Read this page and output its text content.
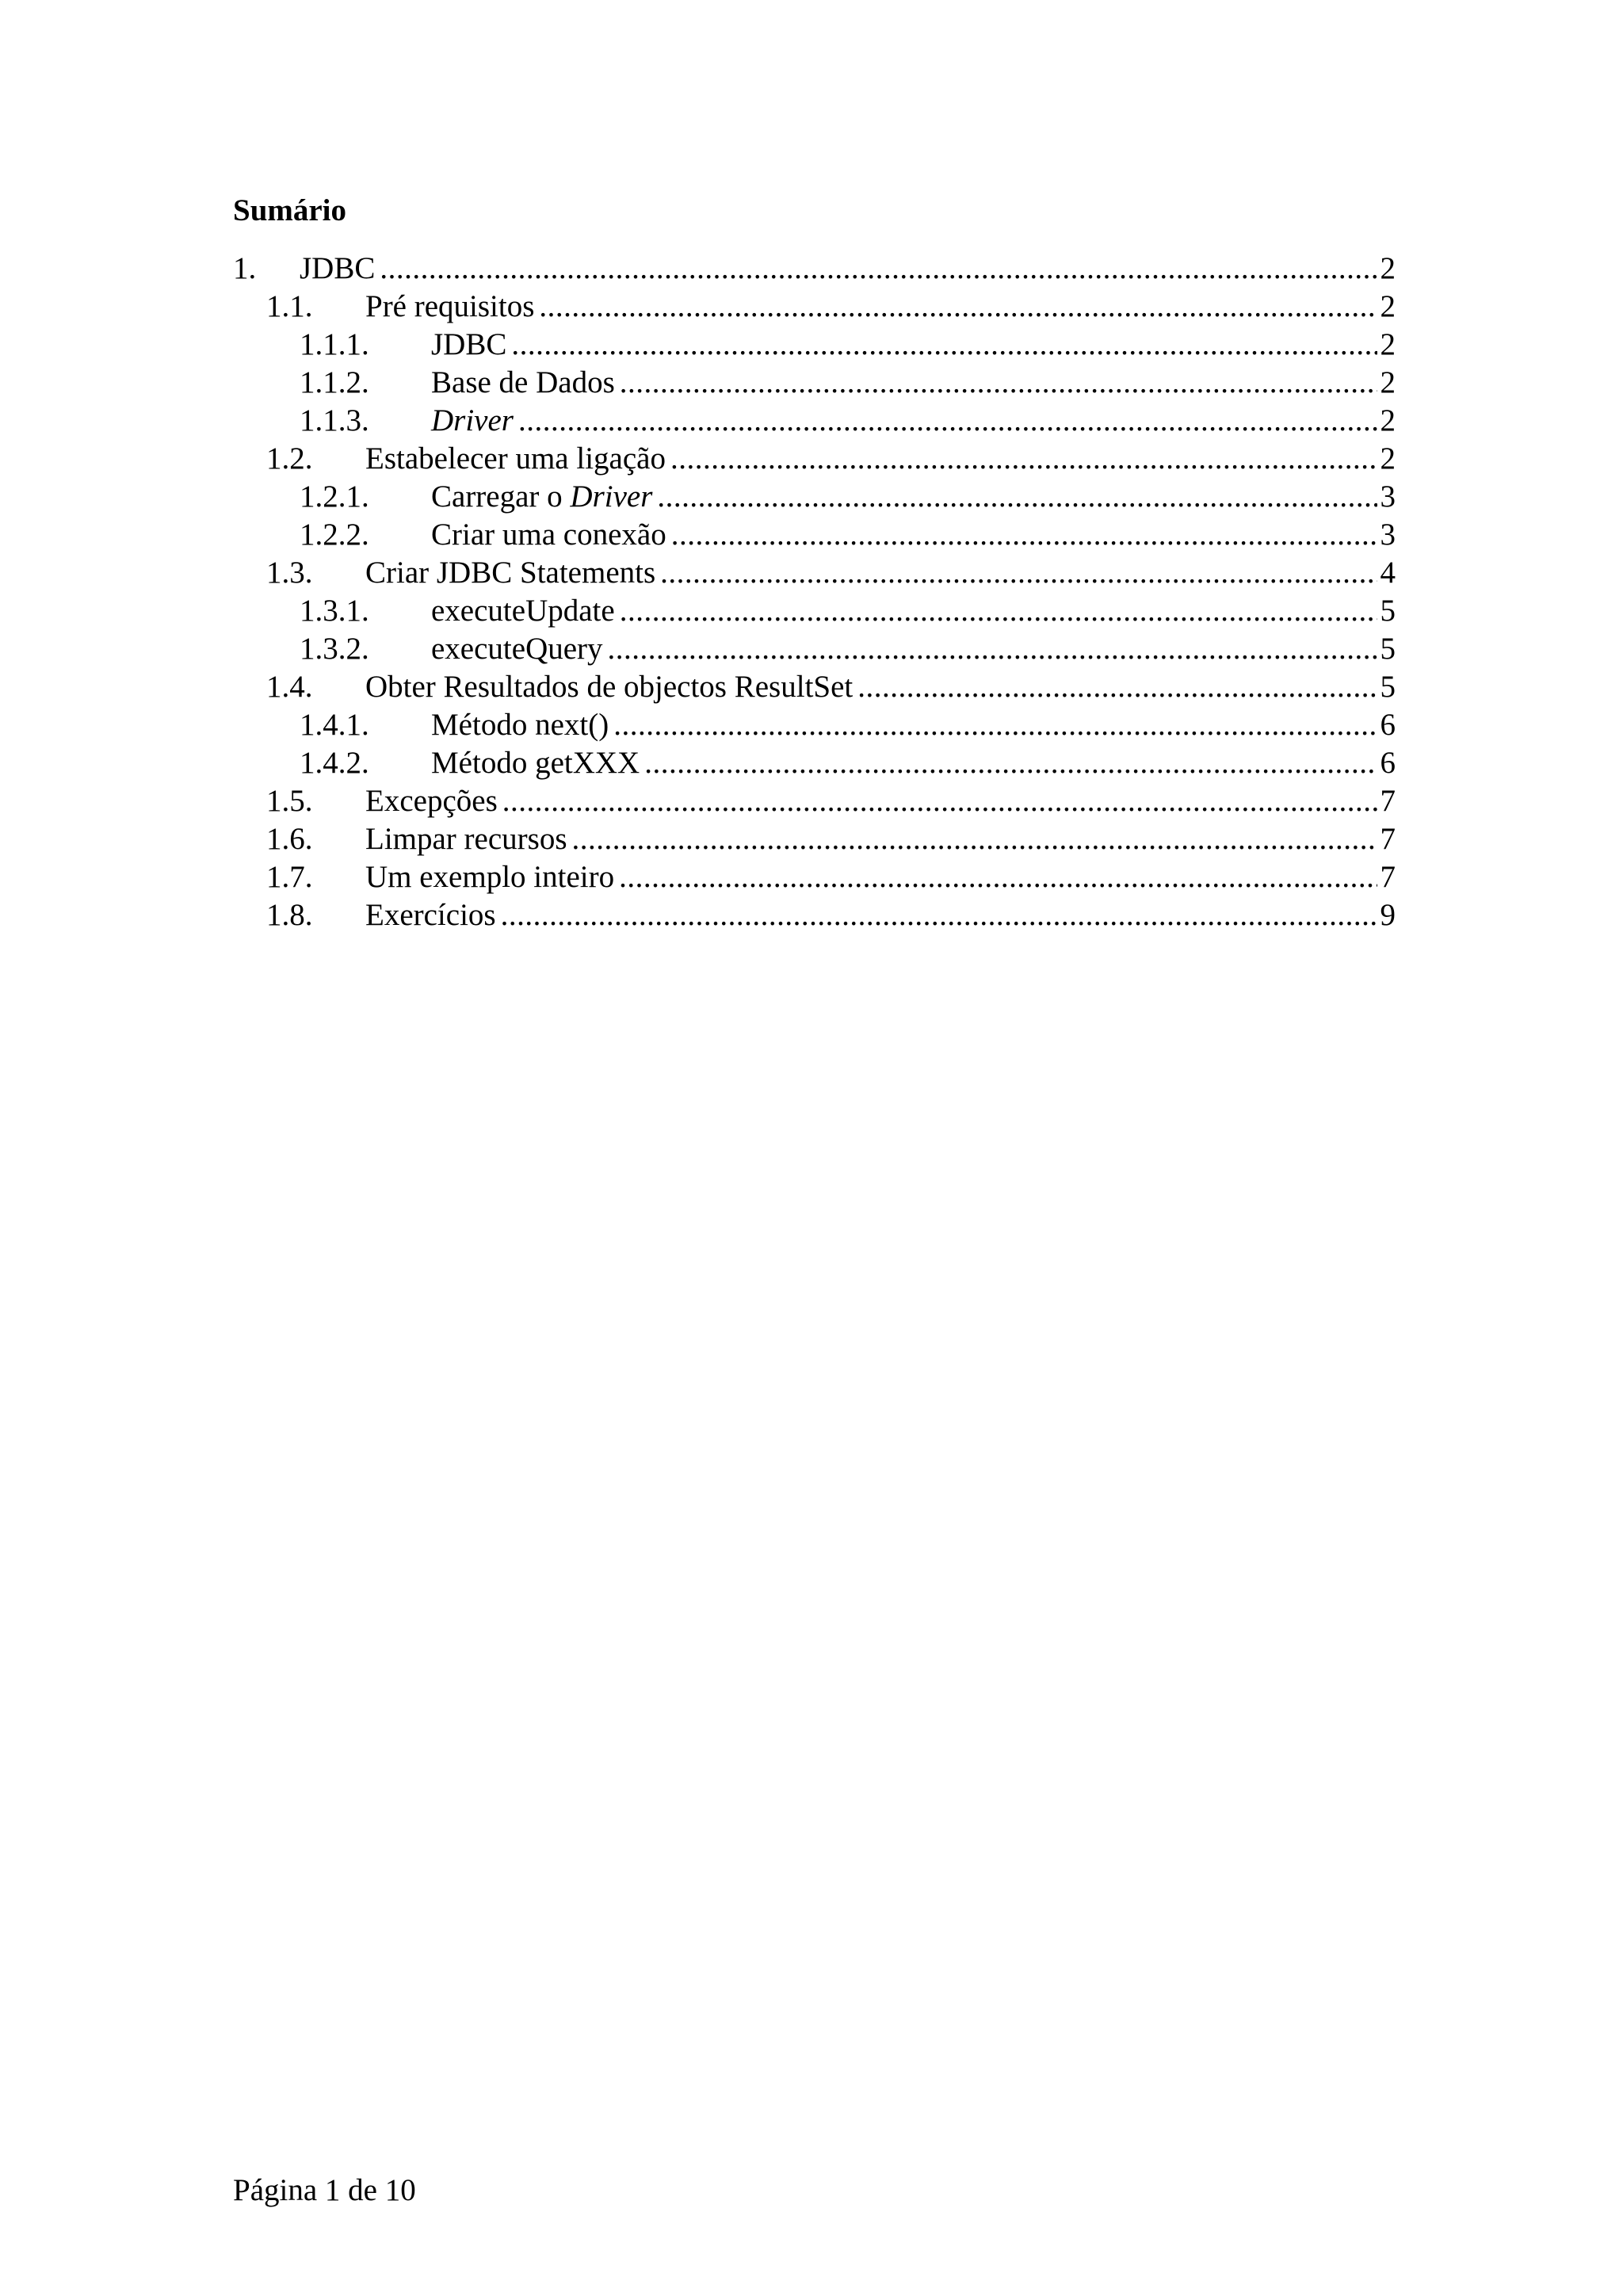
Sumário
1.	JDBC .....	2
1.1.	Pré requisitos .....	2
1.1.1.	JDBC .....	2
1.1.2.	Base de Dados .....	2
1.1.3.	Driver .....	2
1.2.	Estabelecer uma ligação .....	2
1.2.1.	Carregar o Driver .....	3
1.2.2.	Criar uma conexão .....	3
1.3.	Criar JDBC Statements .....	4
1.3.1.	executeUpdate .....	5
1.3.2.	executeQuery .....	5
1.4.	Obter Resultados de objectos ResultSet .....	5
1.4.1.	Método next() .....	6
1.4.2.	Método getXXX .....	6
1.5.	Excepções .....	7
1.6.	Limpar recursos .....	7
1.7.	Um exemplo inteiro .....	7
1.8.	Exercícios .....	9

Página 1 de 10
